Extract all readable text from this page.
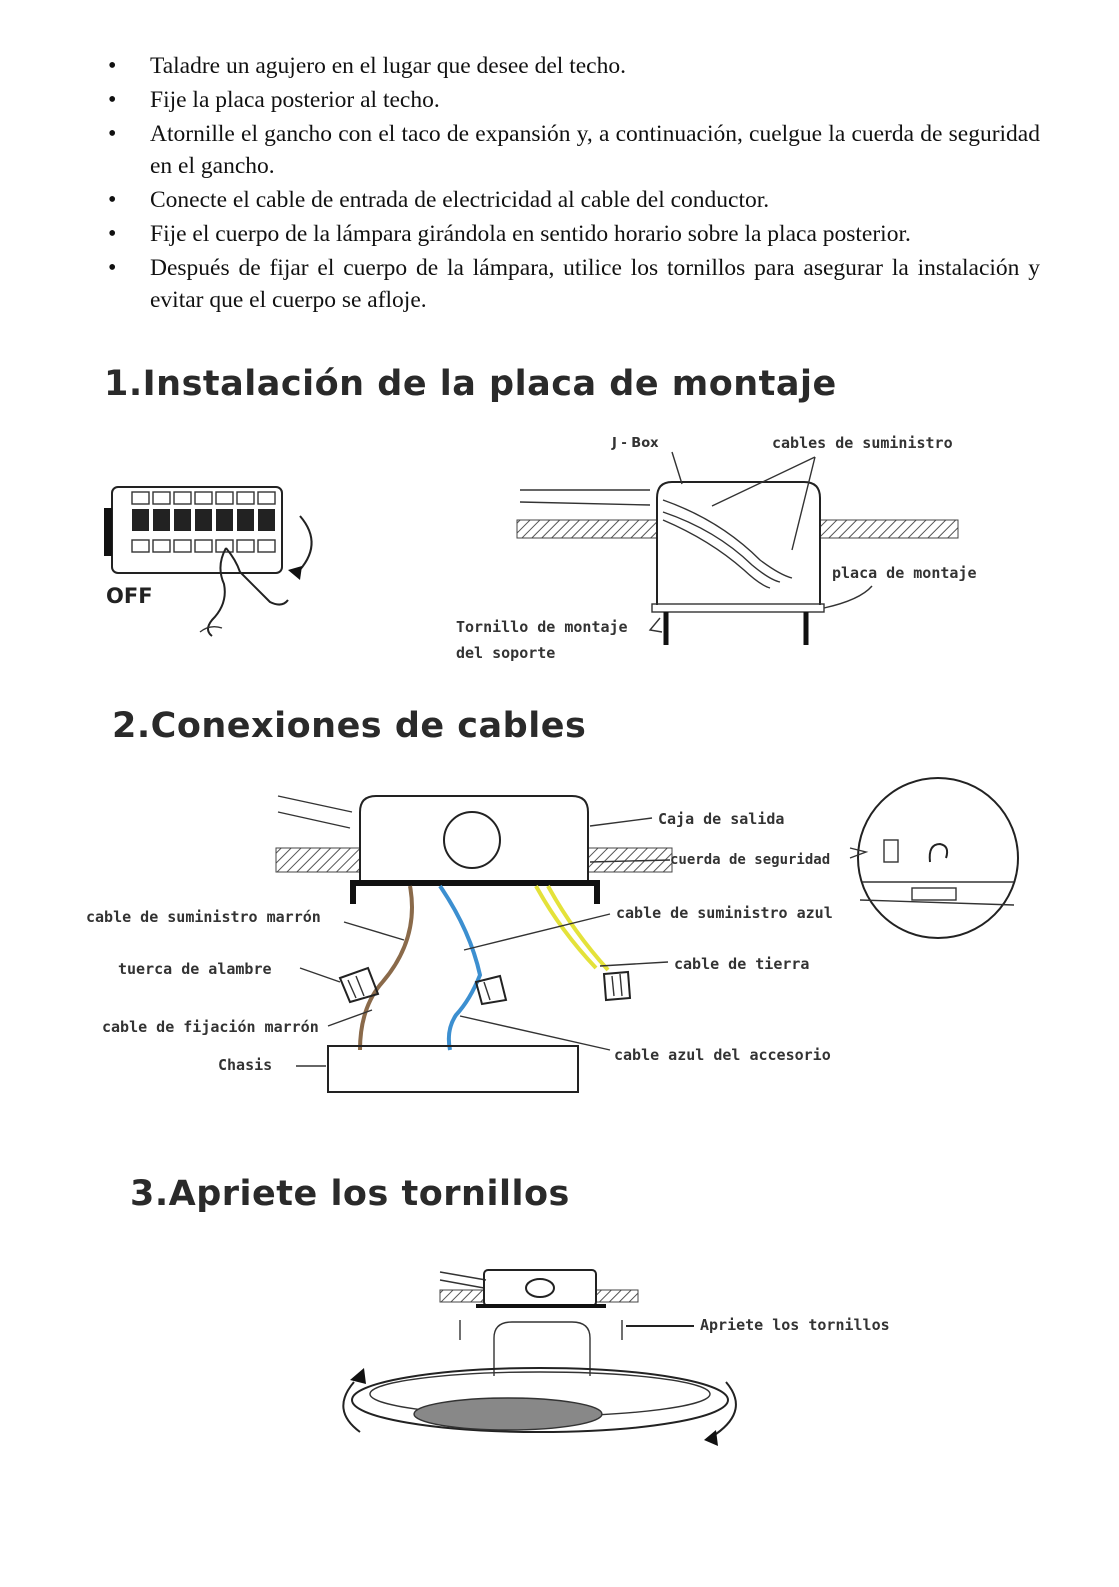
• Taladre un agujero en el lugar que desee del techo.
• Fije la placa posterior al techo.
• Atornille el gancho con el taco de expansión y, a continuación, cuelgue la cuerda de seguridad en el gancho.
• Conecte el cable de entrada de electricidad al cable del conductor.
• Fije el cuerpo de la lámpara girándola en sentido horario sobre la placa posterior.
• Después de fijar el cuerpo de la lámpara, utilice los tornillos para asegurar la instalación y evitar que el cuerpo se afloje.
1.Instalación de la placa de montaje
2.Conexiones de cables
3.Apriete los tornillos
OFF
J - Box	cables de suministro
placa de montaje
Tornillo de montaje
del soporte
Caja de salida
cuerda de seguridad
cable de suministro marrón	cable de suministro azul
tuerca de alambre	cable de tierra
cable de fijación marrón
cable azul del accesorio
Chasis
Apriete los tornillos
